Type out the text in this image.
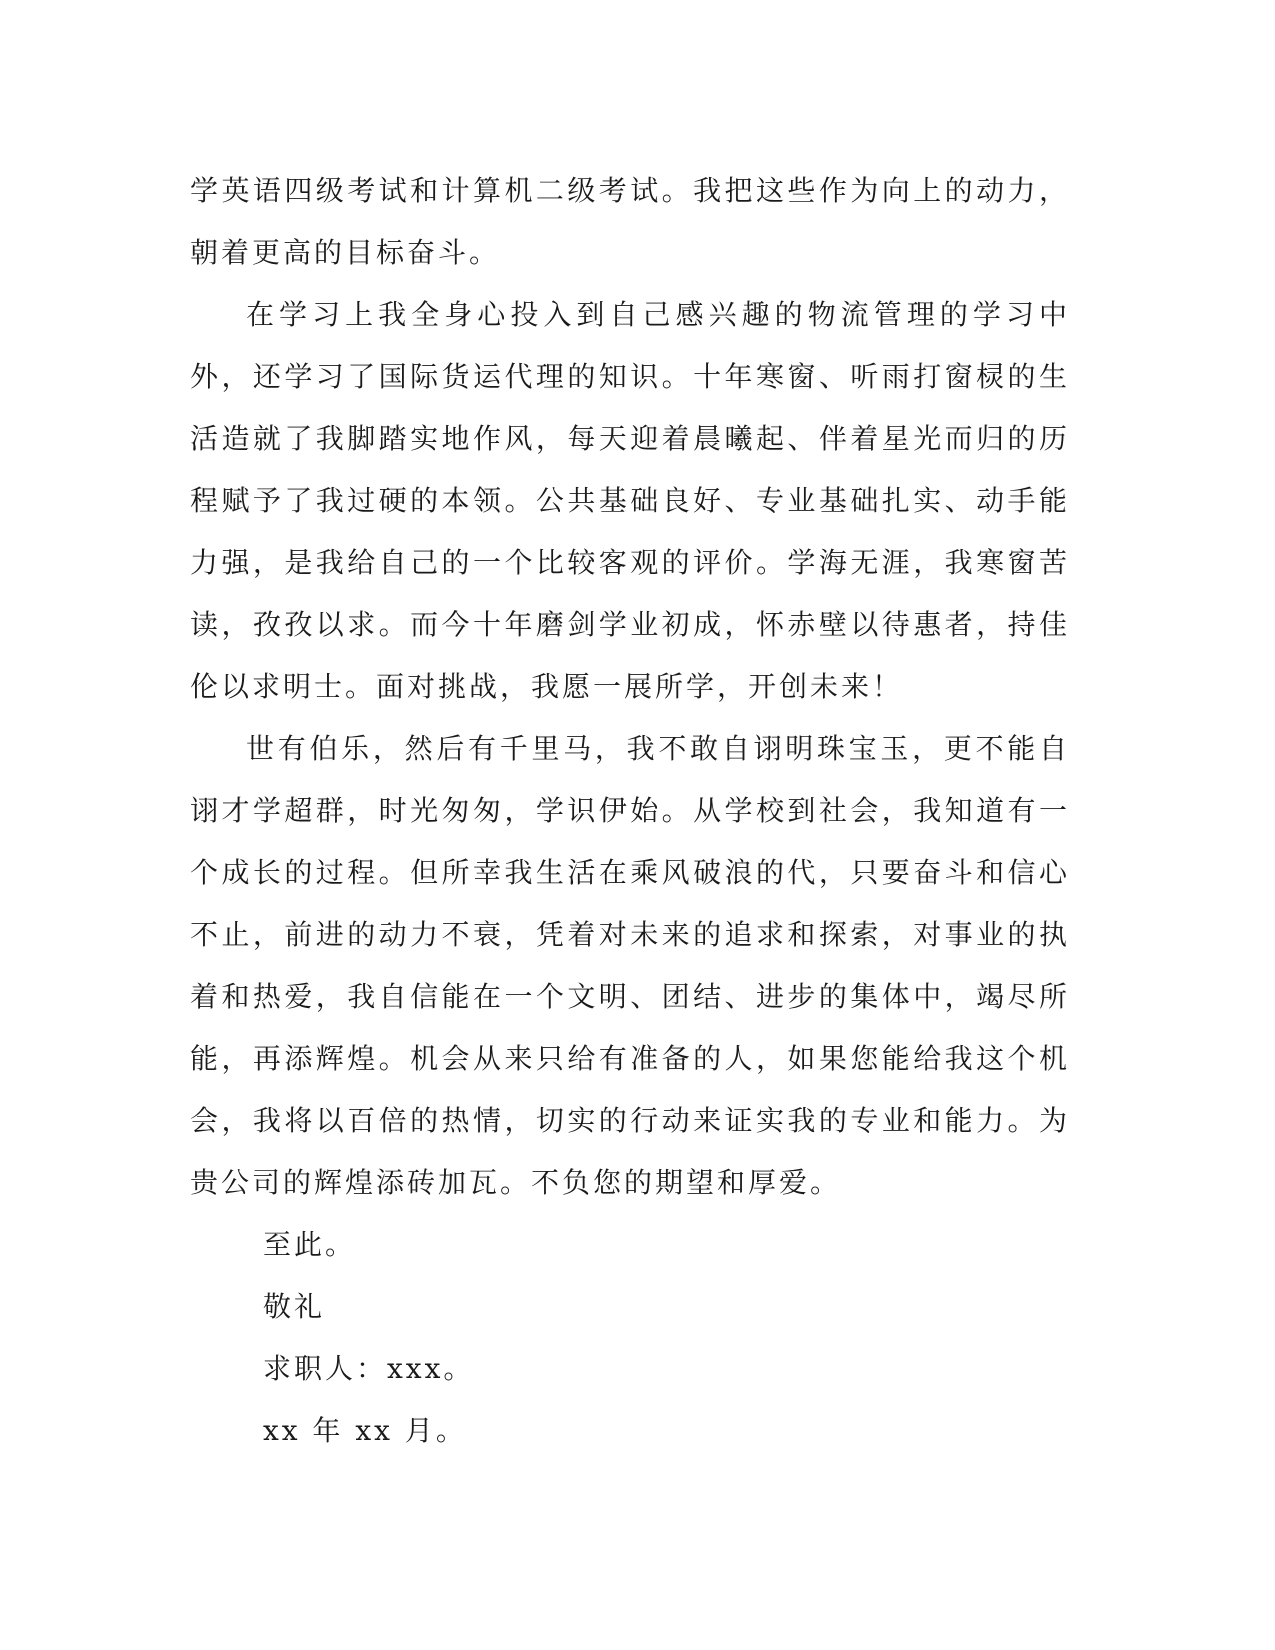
学英语四级考试和计算机二级考试。我把这些作为向上的动力，朝着更高的目标奋斗。

在学习上我全身心投入到自己感兴趣的物流管理的学习中外，还学习了国际货运代理的知识。十年寒窗、听雨打窗棂的生活造就了我脚踏实地作风，每天迎着晨曦起、伴着星光而归的历程赋予了我过硬的本领。公共基础良好、专业基础扎实、动手能力强，是我给自己的一个比较客观的评价。学海无涯，我寒窗苦读，孜孜以求。而今十年磨剑学业初成，怀赤壁以待惠者，持佳伦以求明士。面对挑战，我愿一展所学，开创未来！

世有伯乐，然后有千里马，我不敢自诩明珠宝玉，更不能自诩才学超群，时光匆匆，学识伊始。从学校到社会，我知道有一个成长的过程。但所幸我生活在乘风破浪的代，只要奋斗和信心不止，前进的动力不衰，凭着对未来的追求和探索，对事业的执着和热爱，我自信能在一个文明、团结、进步的集体中，竭尽所能，再添辉煌。机会从来只给有准备的人，如果您能给我这个机会，我将以百倍的热情，切实的行动来证实我的专业和能力。为贵公司的辉煌添砖加瓦。不负您的期望和厚爱。

至此。

敬礼

求职人：xxx。

xx 年 xx 月。
